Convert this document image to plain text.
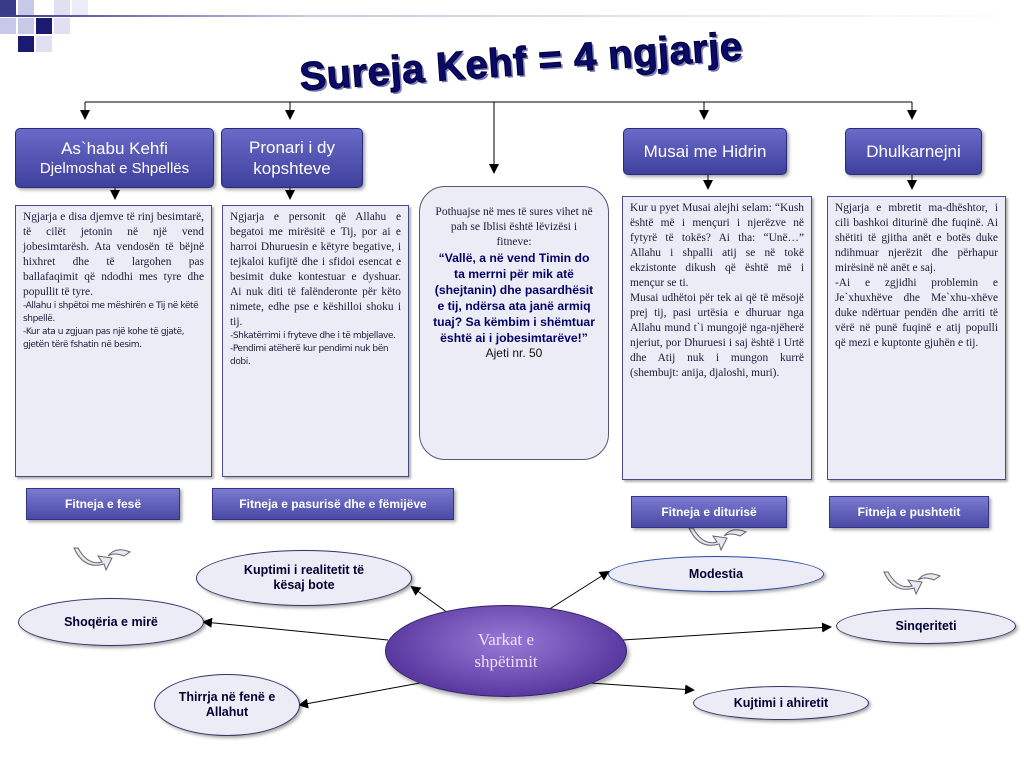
Sureja Kehf = 4 ngjarje
As`habu Kehfi
Djelmoshat e Shpellës
Pronari i dy
kopshteve
Musai me Hidrin	Dhulkarnejni
Ngjarja e disa djemve të rinj besimtarë, të cilët jetonin në një vend jobesimtarësh. Ata vendosën të bëjnë hixhret dhe të largohen pas ballafaqimit që ndodhi mes tyre dhe popullit të tyre.
-Allahu i shpëtoi me mëshirën e Tij në këtë shpellë.
-Kur ata u zgjuan pas një kohe të gjatë, gjetën tërë fshatin në besim.
Ngjarja e personit që Allahu e begatoi me mirësitë e Tij, por ai e harroi Dhuruesin e këtyre begative, i tejkaloi kufijtë dhe i sfidoi esencat e besimit duke kontestuar e dyshuar. Ai nuk diti të falënderonte për këto nimete, edhe pse e këshilloi shoku i tij.
-Shkatërrimi i fryteve dhe i të mbjellave.
-Pendimi atëherë kur pendimi nuk bën dobi.
Kur u pyet Musai alejhi selam: “Kush është më i mençuri i njerëzve në fytyrë të tokës? Ai tha: “Unë…” Allahu i shpalli atij se në tokë ekzistonte dikush që është më i mençur se ti.
Musai udhëtoi për tek ai që të mësojë prej tij, pasi urtësia e dhuruar nga Allahu mund t`i mungojë nga-njëherë njeriut, por Dhuruesi i saj është i Urtë dhe Atij nuk i mungon kurrë (shembujt: anija, djaloshi, muri).
Ngjarja e mbretit ma-dhështor, i cili bashkoi diturinë dhe fuqinë. Ai shëtiti të gjitha anët e botës duke ndihmuar njerëzit dhe përhapur mirësinë në anët e saj.
-Ai e zgjidhi problemin e Je`xhuxhëve dhe Me`xhu-xhëve duke ndërtuar pendën dhe arriti të vërë në punë fuqinë e atij populli që mezi e kuptonte gjuhën e tij.
Pothuajse në mes të sures vihet në pah se Iblisi është lëvizësi i fitneve:
“Vallë, a në vend Timin do ta merrni për mik atë (shejtanin) dhe pasardhësit e tij, ndërsa ata janë armiq tuaj? Sa këmbim i shëmtuar është ai i jobesimtarëve!”
Ajeti nr. 50
Fitneja e fesë	Fitneja e pasurisë dhe e fëmijëve
Fitneja e diturisë	Fitneja e pushtetit
Varkat e shpëtimit
Kuptimi i realitetit të kësaj bote
Shoqëria e mirë
Thirrja në fenë e Allahut
Modestia
Sinqeriteti
Kujtimi i ahiretit
